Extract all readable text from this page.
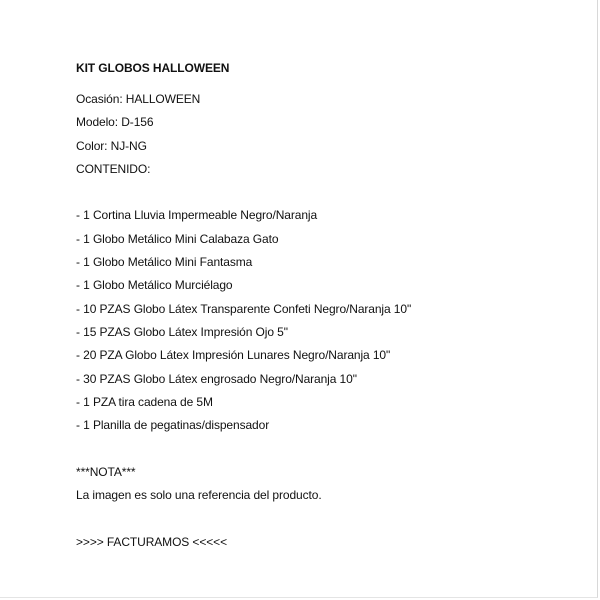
KIT GLOBOS HALLOWEEN
Ocasión: HALLOWEEN
Modelo: D-156
Color: NJ-NG
CONTENIDO:
- 1 Cortina Lluvia Impermeable Negro/Naranja
- 1 Globo Metálico Mini Calabaza Gato
- 1 Globo Metálico Mini Fantasma
- 1 Globo Metálico Murciélago
- 10 PZAS Globo Látex Transparente Confeti Negro/Naranja 10"
- 15 PZAS Globo Látex Impresión Ojo 5"
- 20 PZA Globo Látex Impresión Lunares Negro/Naranja 10"
- 30 PZAS Globo Látex engrosado Negro/Naranja 10"
- 1 PZA tira cadena de 5M
- 1 Planilla de pegatinas/dispensador
***NOTA***
La imagen es solo una referencia del producto.
>>>> FACTURAMOS <<<<<
